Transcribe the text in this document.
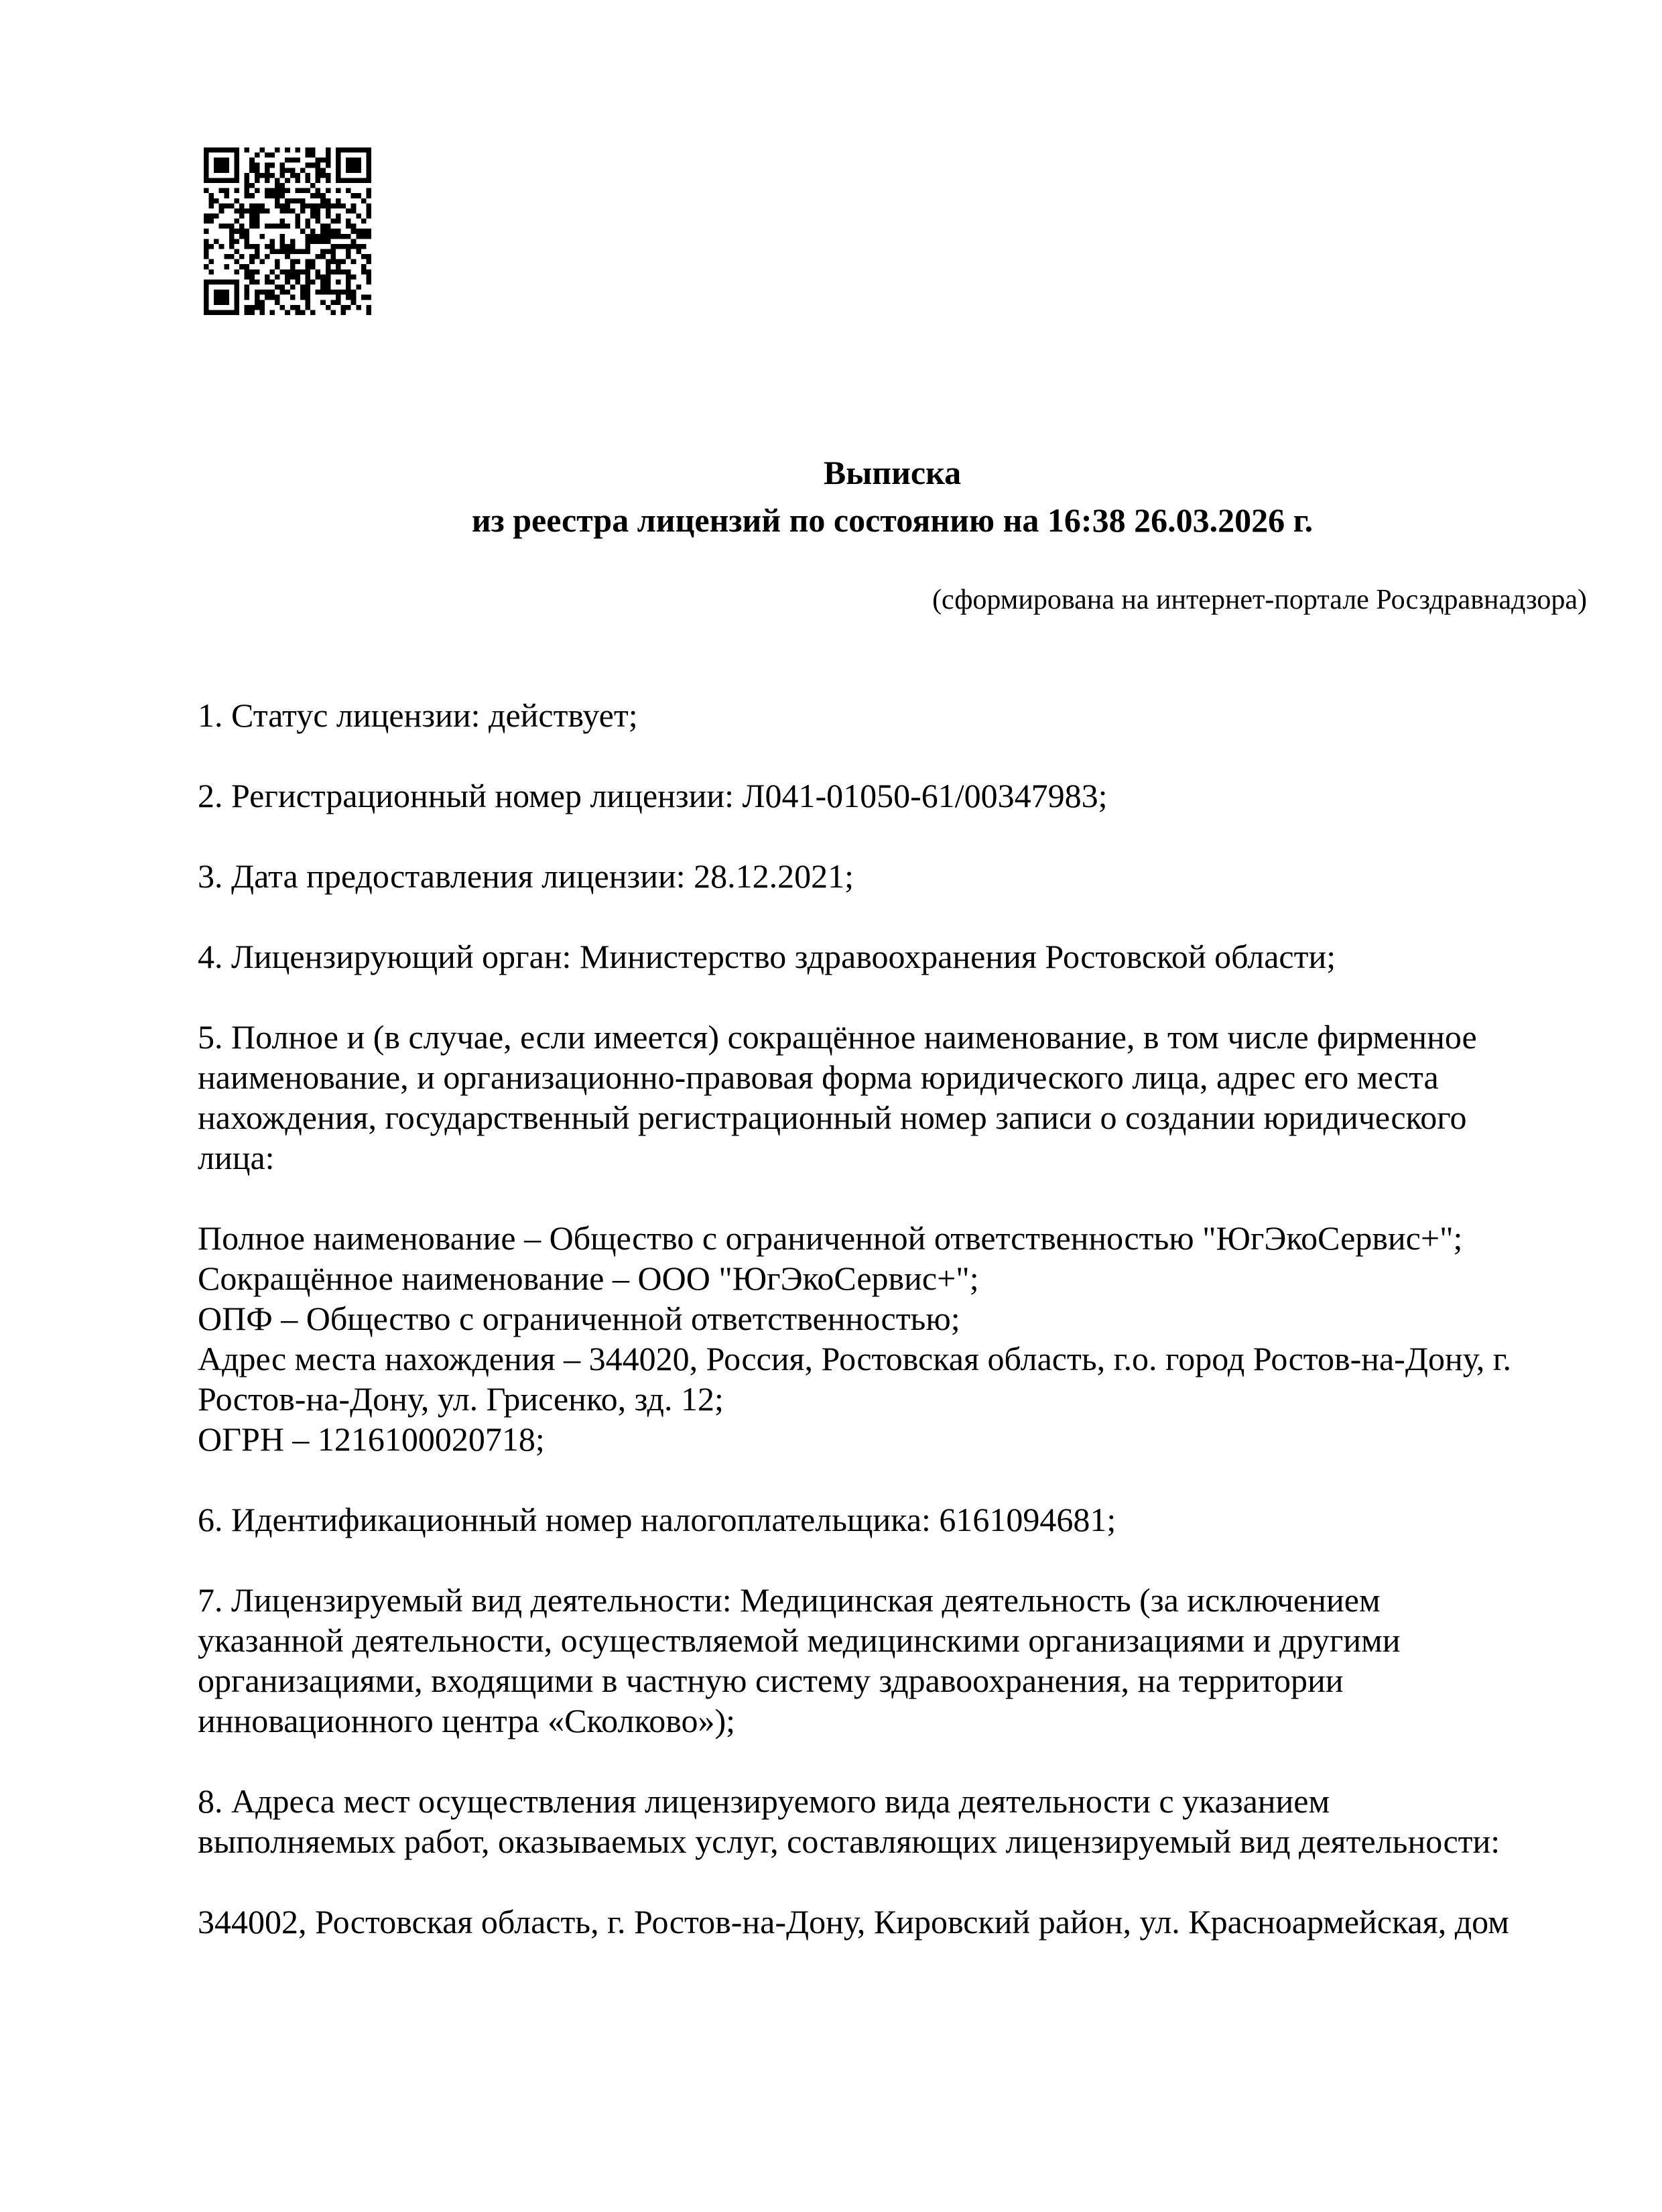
Выписка
из реестра лицензий по состоянию на 16:38 26.03.2026 г.
(сформирована на интернет-портале Росздравнадзора)
1. Статус лицензии: действует;
2. Регистрационный номер лицензии: Л041-01050-61/00347983;
3. Дата предоставления лицензии: 28.12.2021;
4. Лицензирующий орган: Министерство здравоохранения Ростовской области;
5. Полное и (в случае, если имеется) сокращённое наименование, в том числе фирменное наименование, и организационно-правовая форма юридического лица, адрес его места нахождения, государственный регистрационный номер записи о создании юридического лица:
Полное наименование – Общество с ограниченной ответственностью "ЮгЭкоСервис+";
Сокращённое наименование – ООО "ЮгЭкоСервис+";
ОПФ – Общество с ограниченной ответственностью;
Адрес места нахождения – 344020, Россия, Ростовская область, г.о. город Ростов-на-Дону, г. Ростов-на-Дону, ул. Грисенко, зд. 12;
ОГРН – 1216100020718;
6. Идентификационный номер налогоплательщика: 6161094681;
7. Лицензируемый вид деятельности: Медицинская деятельность (за исключением указанной деятельности, осуществляемой медицинскими организациями и другими организациями, входящими в частную систему здравоохранения, на территории инновационного центра «Сколково»);
8. Адреса мест осуществления лицензируемого вида деятельности с указанием выполняемых работ, оказываемых услуг, составляющих лицензируемый вид деятельности:
344002, Ростовская область, г. Ростов-на-Дону, Кировский район, ул. Красноармейская, дом
